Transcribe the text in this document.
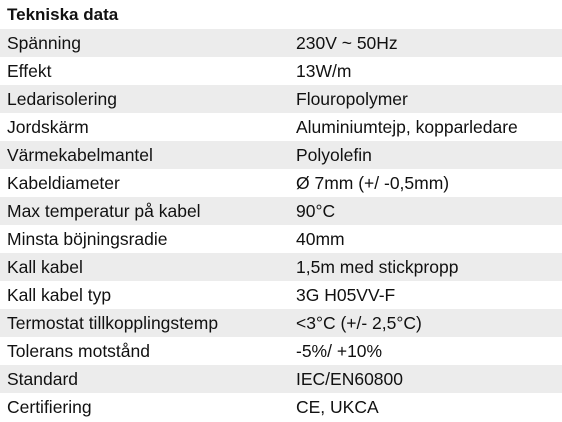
Tekniska data
Spänning	230V ~ 50Hz
Effekt	13W/m
Ledarisolering	Flouropolymer
Jordskärm	Aluminiumtejp, kopparledare
Värmekabelmantel	Polyolefin
Kabeldiameter	Ø 7mm (+/ -0,5mm)
Max temperatur på kabel	90°C
Minsta böjningsradie	40mm
Kall kabel	1,5m med stickpropp
Kall kabel typ	3G H05VV-F
Termostat tillkopplingstemp	<3°C (+/- 2,5°C)
Tolerans motstånd	-5%/ +10%
Standard	IEC/EN60800
Certifiering	CE, UKCA
